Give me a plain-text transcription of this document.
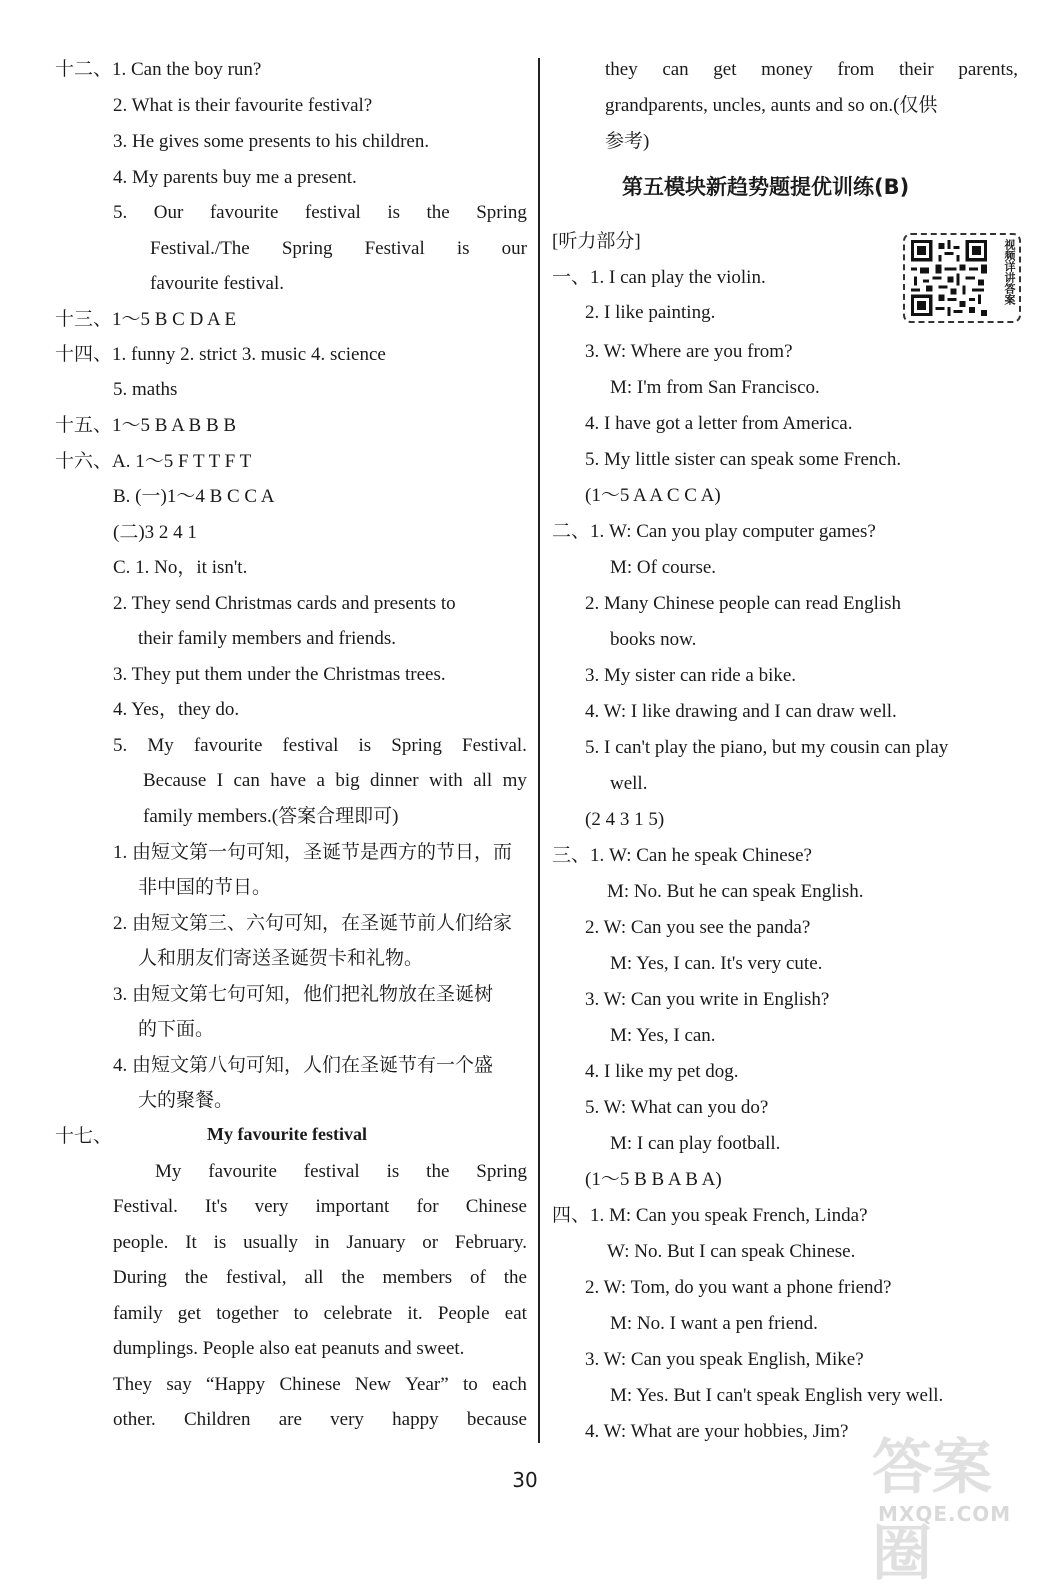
十二、1. Can the boy run?
2. What is their favourite festival?
3. He gives some presents to his children.
4. My parents buy me a present.
5. Our favourite festival is the Spring
Festival./The Spring Festival is our
favourite festival.
十三、1～5 B C D A E
十四、1. funny 2. strict 3. music 4. science
5. maths
十五、1～5 B A B B B
十六、A. 1～5 F T T F T
B. (一)1～4 B C C A
(二)3 2 4 1
C. 1. No，it isn't.
2. They send Christmas cards and presents to
their family members and friends.
3. They put them under the Christmas trees.
4. Yes，they do.
5. My favourite festival is Spring Festival.
Because I can have a big dinner with all my
family members.(答案合理即可)
1. 由短文第一句可知，圣诞节是西方的节日，而
非中国的节日。
2. 由短文第三、六句可知，在圣诞节前人们给家
人和朋友们寄送圣诞贺卡和礼物。
3. 由短文第七句可知，他们把礼物放在圣诞树
的下面。
4. 由短文第八句可知，人们在圣诞节有一个盛
大的聚餐。
十七、
My favourite festival is the Spring
Festival. It's very important for Chinese
people. It is usually in January or February.
During the festival, all the members of the
family get together to celebrate it. People eat
dumplings. People also eat peanuts and sweet.
They say “Happy Chinese New Year” to each
other. Children are very happy because
they can get money from their parents,
grandparents, uncles, aunts and so on.(仅供
参考)
[听力部分]
一、1. I can play the violin.
2. I like painting.
3. W: Where are you from?
M: I'm from San Francisco.
4. I have got a letter from America.
5. My little sister can speak some French.
(1～5 A A C C A)
二、1. W: Can you play computer games?
M: Of course.
2. Many Chinese people can read English
books now.
3. My sister can ride a bike.
4. W: I like drawing and I can draw well.
5. I can't play the piano, but my cousin can play
well.
(2 4 3 1 5)
三、1. W: Can he speak Chinese?
M: No. But he can speak English.
2. W: Can you see the panda?
M: Yes, I can. It's very cute.
3. W: Can you write in English?
M: Yes, I can.
4. I like my pet dog.
5. W: What can you do?
M: I can play football.
(1～5 B B A B A)
四、1. M: Can you speak French, Linda?
W: No. But I can speak Chinese.
2. W: Tom, do you want a phone friend?
M: No. I want a pen friend.
3. W: Can you speak English, Mike?
M: Yes. But I can't speak English very well.
4. W: What are your hobbies, Jim?
My favourite festival
第五模块新趋势题提优训练(B)
视频详讲答案
30	答案圈
MXQE.COM
